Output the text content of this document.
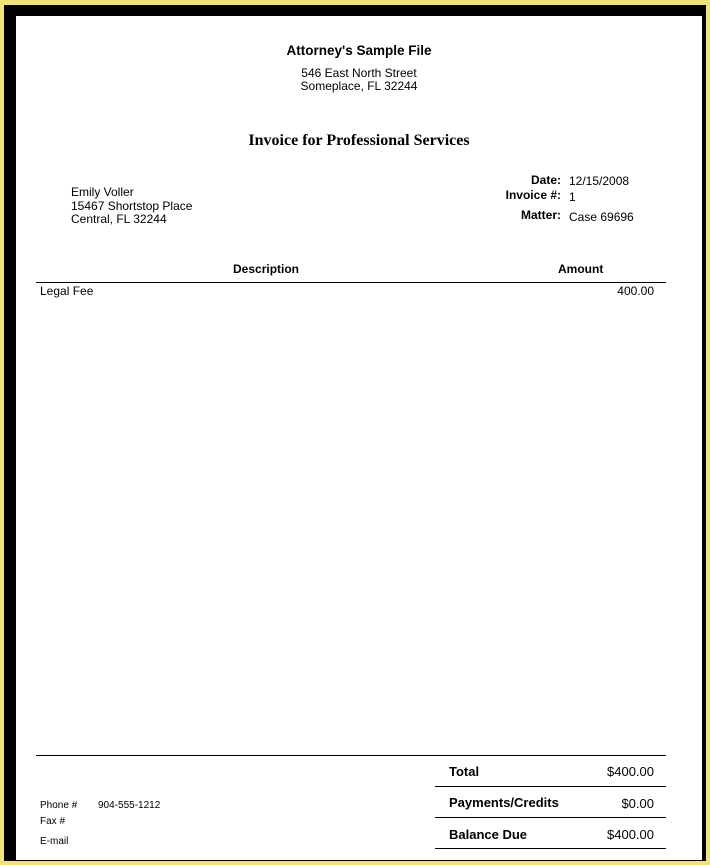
Attorney's Sample File
546 East North Street
Someplace, FL 32244
Invoice for Professional Services
Emily Voller
15467 Shortstop Place
Central, FL 32244
Date: 12/15/2008
Invoice #: 1
Matter: Case 69696
Description	Amount
Legal Fee	400.00
Total	$400.00
Payments/Credits	$0.00
Balance Due	$400.00
Phone # 904-555-1212
Fax #
E-mail
